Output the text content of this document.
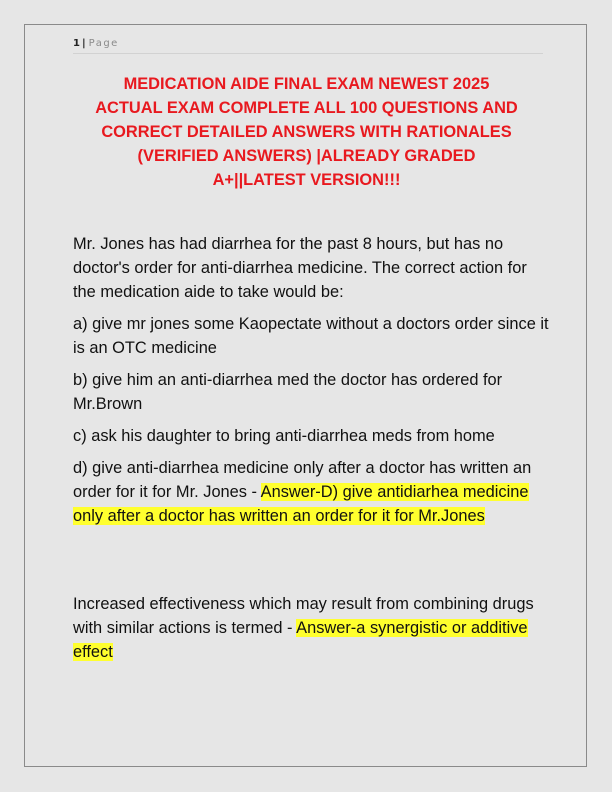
1 | Page
MEDICATION AIDE FINAL EXAM NEWEST 2025
ACTUAL EXAM COMPLETE ALL 100 QUESTIONS AND
CORRECT DETAILED ANSWERS WITH RATIONALES
(VERIFIED ANSWERS) |ALREADY GRADED
A+||LATEST VERSION!!!

Mr. Jones has had diarrhea for the past 8 hours, but has no doctor's order for anti-diarrhea medicine. The correct action for the medication aide to take would be:

a) give mr jones some Kaopectate without a doctors order since it is an OTC medicine

b) give him an anti-diarrhea med the doctor has ordered for Mr.Brown

c) ask his daughter to bring anti-diarrhea meds from home

d) give anti-diarrhea medicine only after a doctor has written an order for it for Mr. Jones - Answer-D) give antidiarhea medicine only after a doctor has written an order for it for Mr.Jones

Increased effectiveness which may result from combining drugs with similar actions is termed - Answer-a synergistic or additive effect
